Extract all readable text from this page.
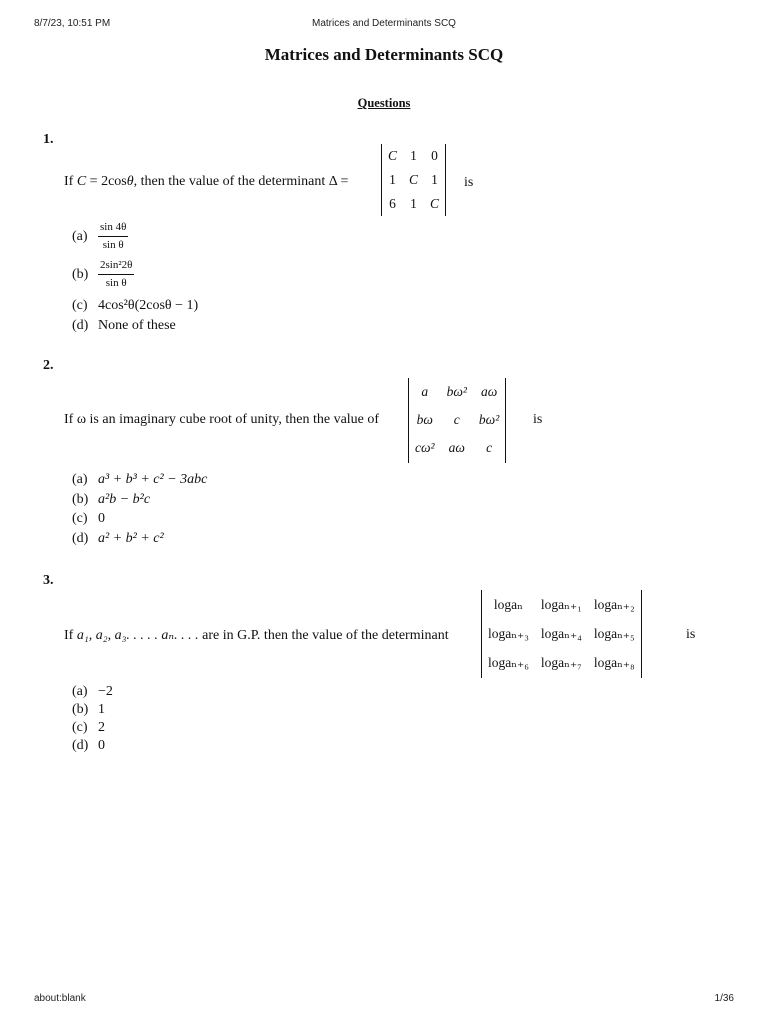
8/7/23, 10:51 PM	Matrices and Determinants SCQ
Matrices and Determinants SCQ
Questions
1.
If C = 2cosθ, then the value of the determinant Δ =
C	1	0
1	C	1
6	1	C
is
$(a) \frac{\sin 4\theta}{\text{sin θ}}$
$(b) \frac{\text{2sin²2θ}}{\text{sin θ}}$
(c) 4cos²θ(2cosθ − 1)
(d) None of these
2.
If ω is an imaginary cube root of unity, then the value of
a	bω²	aω
bω	c	bω²
cω²	aω	c
is
(a) a³ + b³ + c² − 3abc
(b) a²b − b²c
(c) 0
(d) a² + b² + c²
3.
If a₁, a₂, a₃. . . . . aₙ. . . . are in G.P. then the value of the determinant
logaₙ	logaₙ₊₁	logaₙ₊₂
logaₙ₊₃	logaₙ₊₄	logaₙ₊₅
logaₙ₊₆	logaₙ₊₇	logaₙ₊₈
is
(a) −2
(b) 1
(c) 2
(d) 0
about:blank	1/36
